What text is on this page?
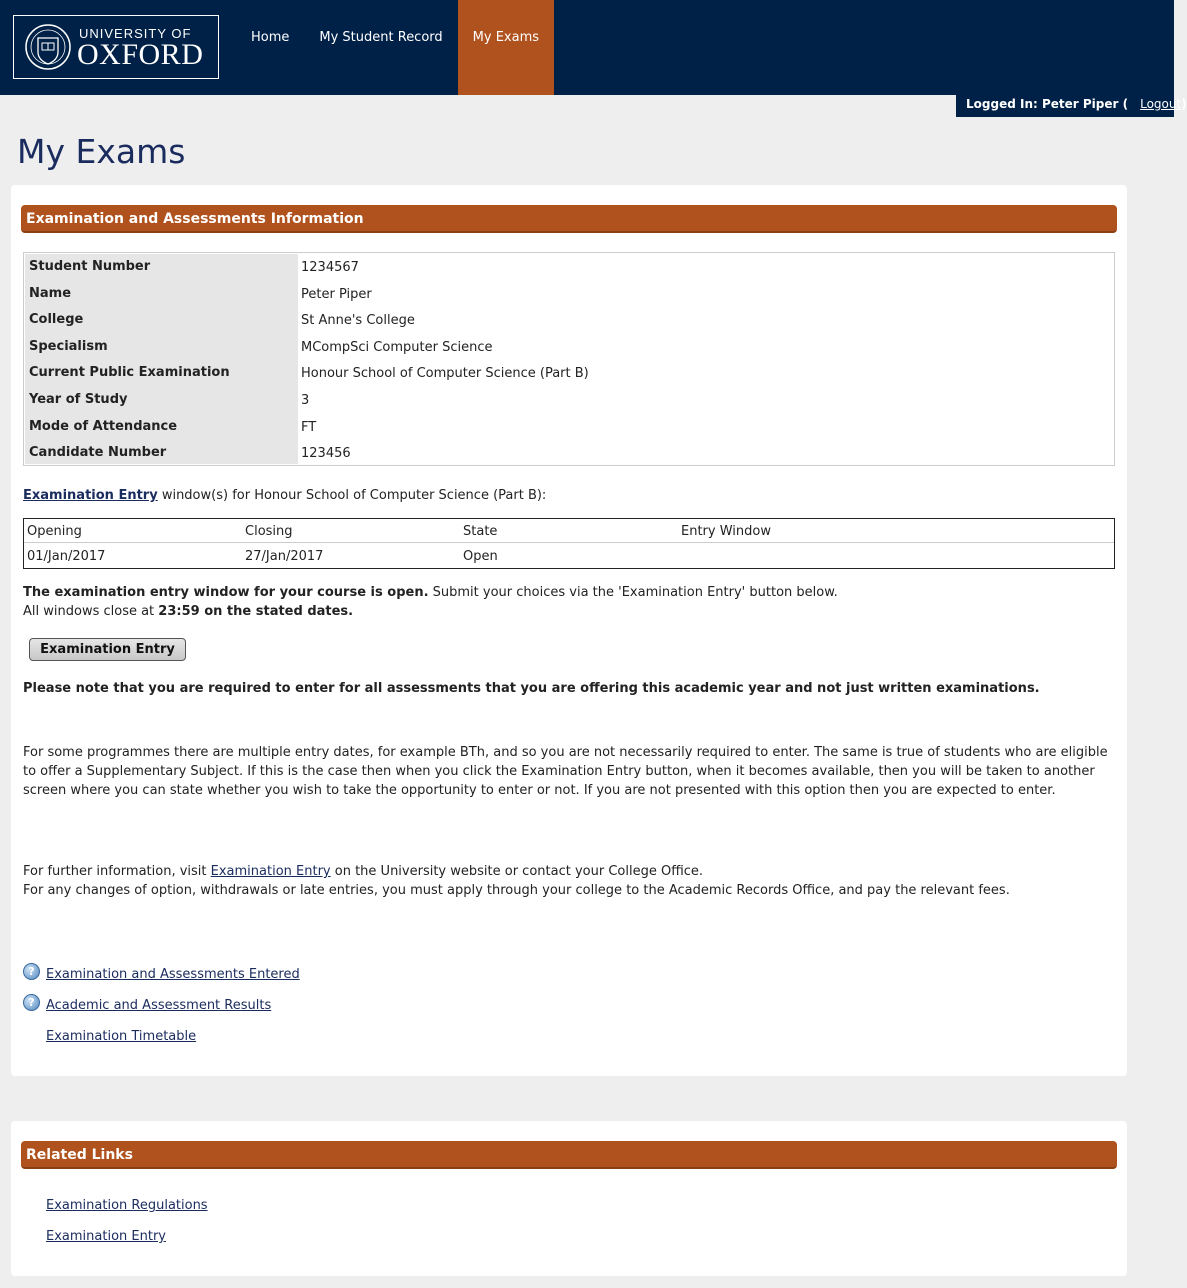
UNIVERSITY OF
OXFORD
Home	My Student Record	My Exams
Logged In: Peter Piper ( Logout)
My Exams
Examination and Assessments Information
Student Number	1234567
Name	Peter Piper
College	St Anne's College
Specialism	MCompSci Computer Science
Current Public Examination	Honour School of Computer Science (Part B)
Year of Study	3
Mode of Attendance	FT
Candidate Number	123456
Examination Entry window(s) for Honour School of Computer Science (Part B):
Opening	Closing	State	Entry Window
01/Jan/2017	27/Jan/2017	Open
The examination entry window for your course is open. Submit your choices via the 'Examination Entry' button below.
All windows close at 23:59 on the stated dates.
Examination Entry
Please note that you are required to enter for all assessments that you are offering this academic year and not just written examinations.
For some programmes there are multiple entry dates, for example BTh, and so you are not necessarily required to enter. The same is true of students who are eligible to offer a Supplementary Subject. If this is the case then when you click the Examination Entry button, when it becomes available, then you will be taken to another screen where you can state whether you wish to take the opportunity to enter or not. If you are not presented with this option then you are expected to enter.
For further information, visit Examination Entry on the University website or contact your College Office.
For any changes of option, withdrawals or late entries, you must apply through your college to the Academic Records Office, and pay the relevant fees.
? Examination and Assessments Entered
? Academic and Assessment Results
Examination Timetable
Related Links
Examination Regulations
Examination Entry
